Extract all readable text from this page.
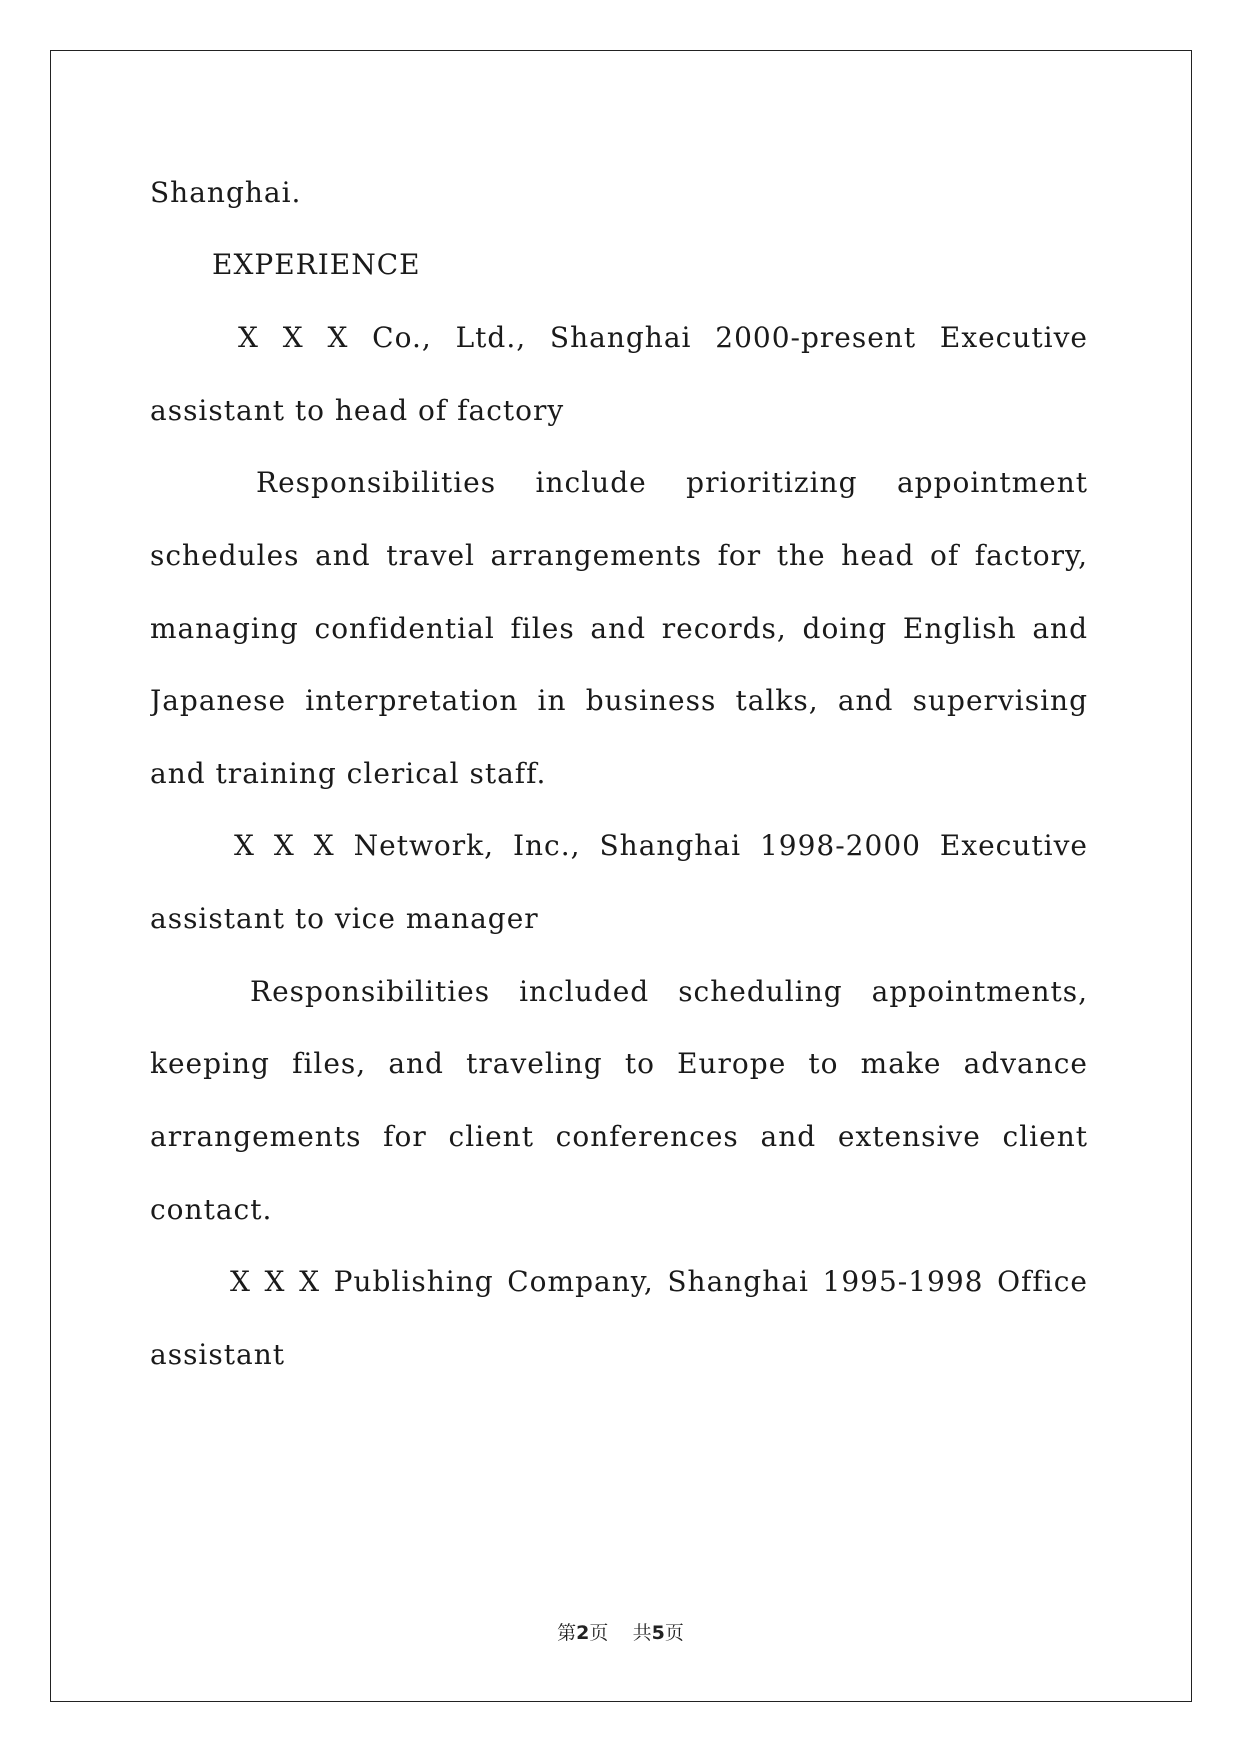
Shanghai.
EXPERIENCE
X X X Co., Ltd., Shanghai 2000-present Executive
assistant to head of factory
Responsibilities include prioritizing appointment
schedules and travel arrangements for the head of factory,
managing confidential files and records, doing English and
Japanese interpretation in business talks, and supervising
and training clerical staff.
X X X Network, Inc., Shanghai 1998-2000 Executive
assistant to vice manager
Responsibilities included scheduling appointments,
keeping files, and traveling to Europe to make advance
arrangements for client conferences and extensive client
contact.
X X X Publishing Company, Shanghai 1995-1998 Office
assistant
第2页 共5页
